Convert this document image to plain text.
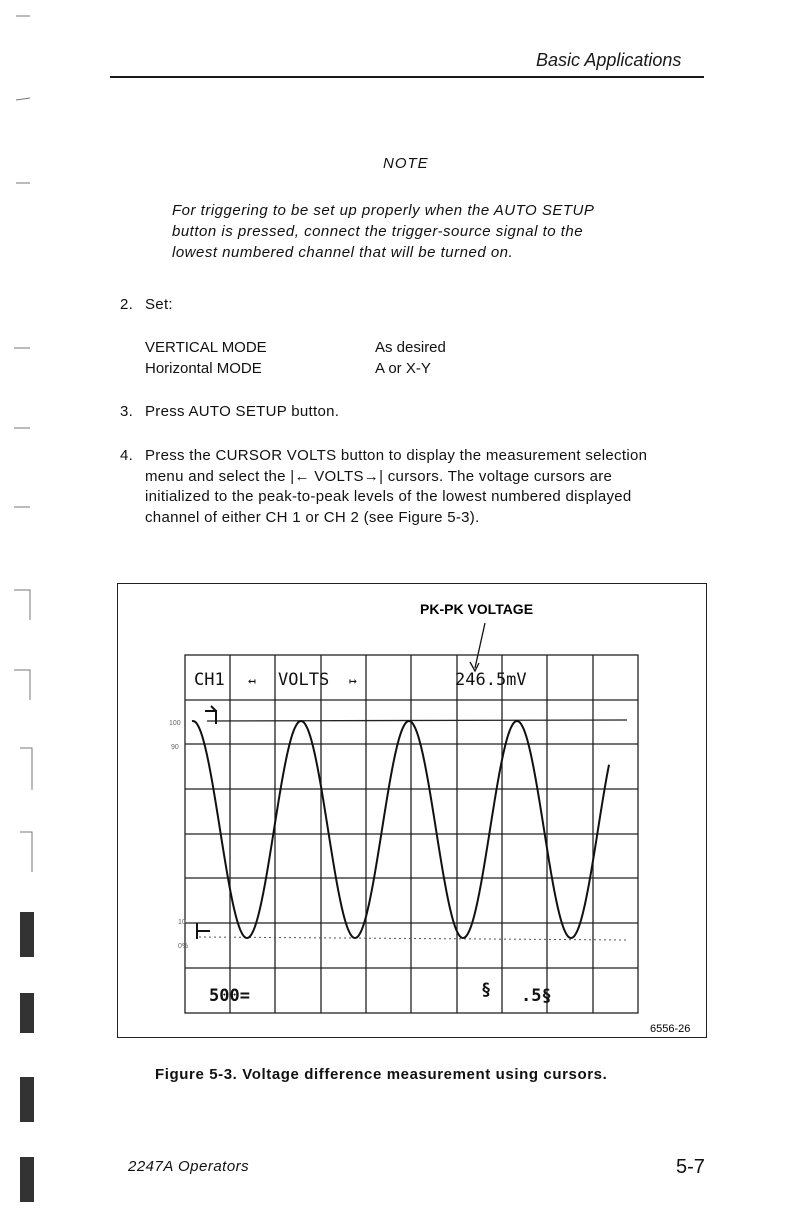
Basic Applications
NOTE
For triggering to be set up properly when the AUTO SETUP
button is pressed, connect the trigger-source signal to the
lowest numbered channel that will be turned on.
2. Set:
VERTICAL MODE	As desired
Horizontal MODE	A or X-Y
3. Press AUTO SETUP button.
4. Press the CURSOR VOLTS button to display the measurement selection
menu and select the |← VOLTS→| cursors. The voltage cursors are
initialized to the peak-to-peak levels of the lowest numbered displayed
channel of either CH 1 or CH 2 (see Figure 5-3).
PK-PK VOLTAGE
100
90
10
0%
CH1 ↤ VOLTS ↦	246.5mV
500=	§ .5§
6556-26
Figure 5-3. Voltage difference measurement using cursors.
2247A Operators	5-7
